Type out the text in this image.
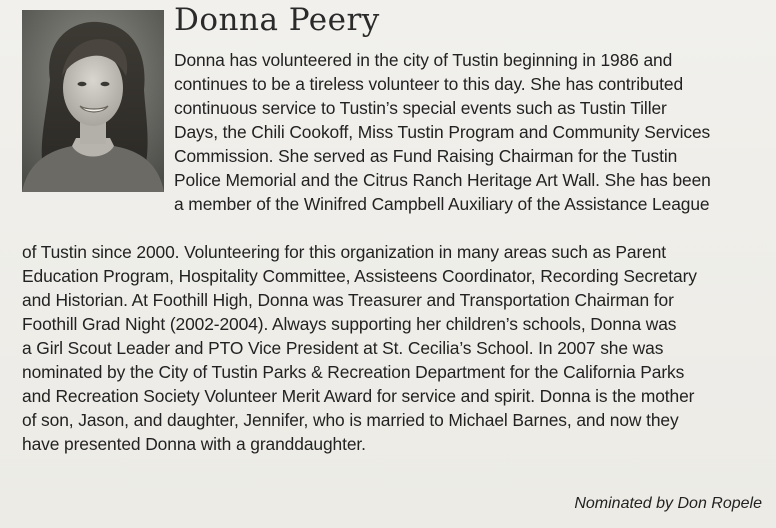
Donna Peery

Donna has volunteered in the city of Tustin beginning in 1986 and
continues to be a tireless volunteer to this day. She has contributed
continuous service to Tustin’s special events such as Tustin Tiller
Days, the Chili Cookoff, Miss Tustin Program and Community Services
Commission. She served as Fund Raising Chairman for the Tustin
Police Memorial and the Citrus Ranch Heritage Art Wall. She has been
a member of the Winifred Campbell Auxiliary of the Assistance League

of Tustin since 2000. Volunteering for this organization in many areas such as Parent
Education Program, Hospitality Committee, Assisteens Coordinator, Recording Secretary
and Historian. At Foothill High, Donna was Treasurer and Transportation Chairman for
Foothill Grad Night (2002-2004). Always supporting her children’s schools, Donna was
a Girl Scout Leader and PTO Vice President at St. Cecilia’s School. In 2007 she was
nominated by the City of Tustin Parks & Recreation Department for the California Parks
and Recreation Society Volunteer Merit Award for service and spirit. Donna is the mother
of son, Jason, and daughter, Jennifer, who is married to Michael Barnes, and now they
have presented Donna with a granddaughter.

Nominated by Don Ropele
